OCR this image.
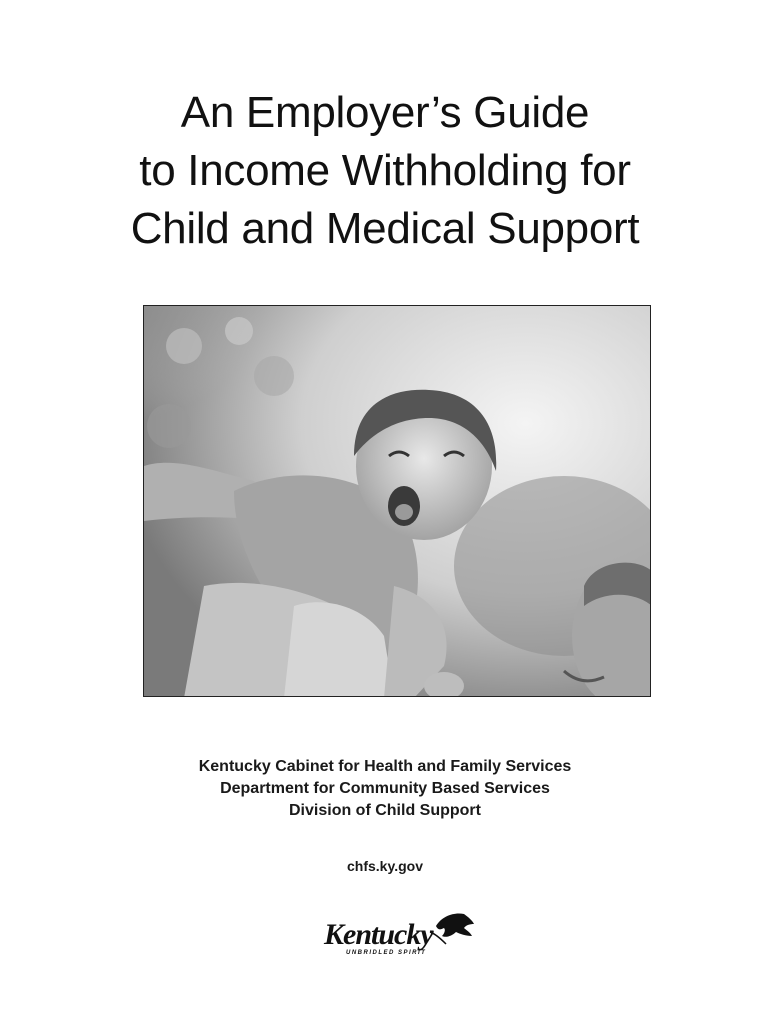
An Employer’s Guide
to Income Withholding for
Child and Medical Support
Kentucky Cabinet for Health and Family Services
Department for Community Based Services
Division of Child Support
chfs.ky.gov
Kentucky
UNBRIDLED SPIRIT
